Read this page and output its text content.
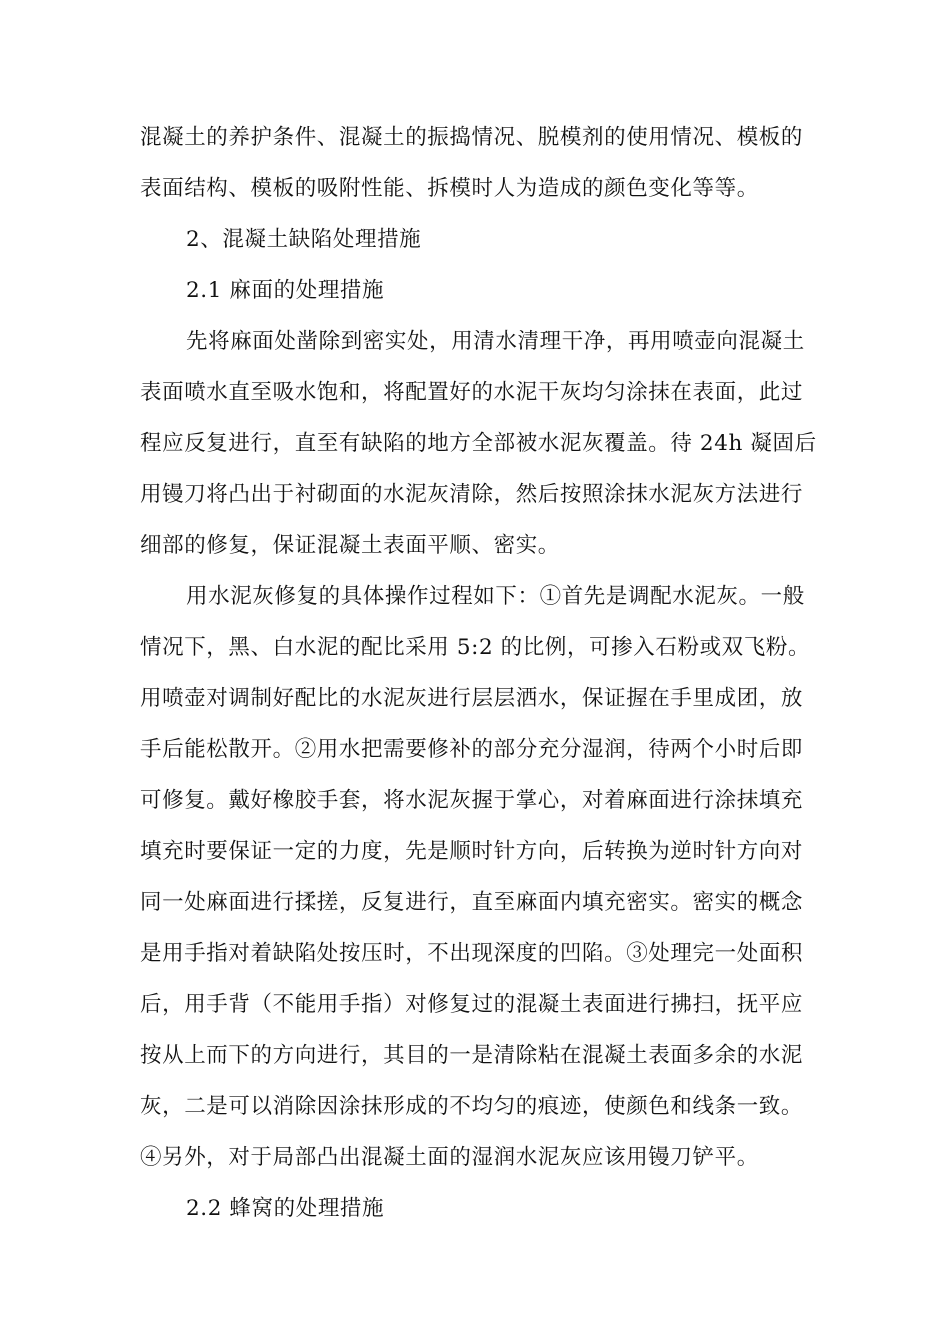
混凝土的养护条件、混凝土的振捣情况、脱模剂的使用情况、模板的
表面结构、模板的吸附性能、拆模时人为造成的颜色变化等等。
2、混凝土缺陷处理措施
2.1 麻面的处理措施
先将麻面处凿除到密实处，用清水清理干净，再用喷壶向混凝土
表面喷水直至吸水饱和，将配置好的水泥干灰均匀涂抹在表面，此过
程应反复进行，直至有缺陷的地方全部被水泥灰覆盖。待 24h 凝固后
用镘刀将凸出于衬砌面的水泥灰清除，然后按照涂抹水泥灰方法进行
细部的修复，保证混凝土表面平顺、密实。
用水泥灰修复的具体操作过程如下：①首先是调配水泥灰。一般
情况下，黑、白水泥的配比采用 5:2 的比例，可掺入石粉或双飞粉。
用喷壶对调制好配比的水泥灰进行层层洒水，保证握在手里成团，放
手后能松散开。②用水把需要修补的部分充分湿润，待两个小时后即
可修复。戴好橡胶手套，将水泥灰握于掌心，对着麻面进行涂抹填充
填充时要保证一定的力度，先是顺时针方向，后转换为逆时针方向对
同一处麻面进行揉搓，反复进行，直至麻面内填充密实。密实的概念
是用手指对着缺陷处按压时，不出现深度的凹陷。③处理完一处面积
后，用手背（不能用手指）对修复过的混凝土表面进行拂扫，抚平应
按从上而下的方向进行，其目的一是清除粘在混凝土表面多余的水泥
灰，二是可以消除因涂抹形成的不均匀的痕迹，使颜色和线条一致。
④另外，对于局部凸出混凝土面的湿润水泥灰应该用镘刀铲平。
2.2 蜂窝的处理措施
